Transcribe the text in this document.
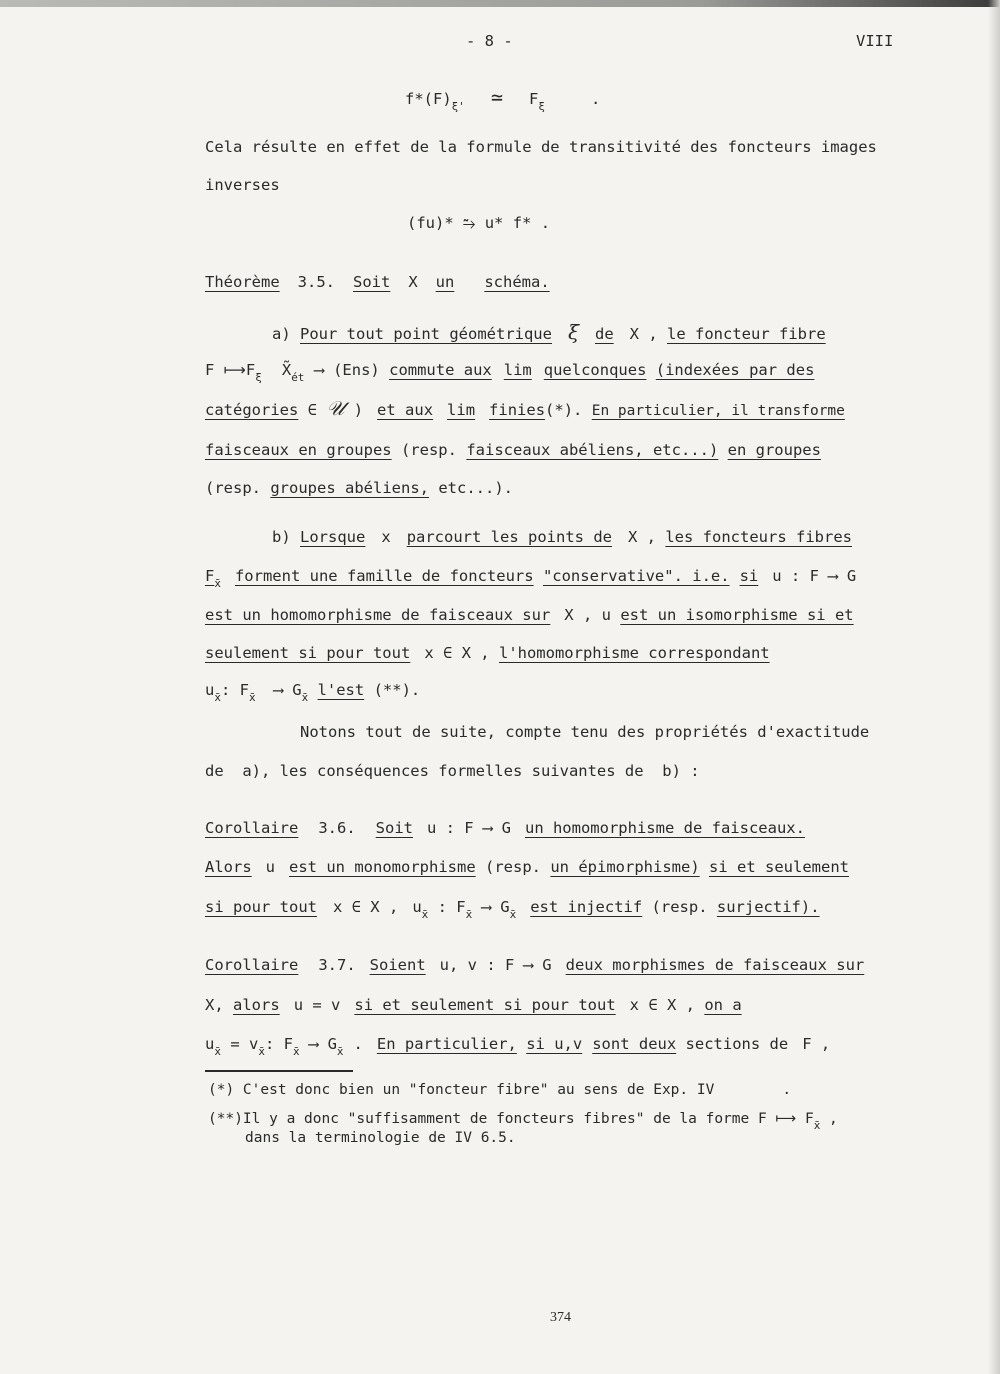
- 8 -	VIII
$f*(F)_{\xi'}$ ≃ $F_\xi$	.
Cela résulte en effet de la formule de transitivité des foncteurs images
inverses
(fu)* ⥲ u* f* .
Théorème 3.5. Soit X un schéma.
a) Pour tout point géométrique ξ de X , le foncteur fibre
F $⟼F_\xi$ $X̃_{ét}$ ⟶ (Ens) commute aux lim quelconques (indexées par des
catégories ∈ 𝒰 ) et aux lim finies(*). En particulier, il transforme
faisceaux en groupes (resp. faisceaux abéliens, etc...) en groupes
(resp. groupes abéliens, etc...).
b) Lorsque x parcourt les points de X , les foncteurs fibres
$F_{x̄}$ forment une famille de foncteurs "conservative". i.e. si u : F ⟶ G
est un homomorphisme de faisceaux sur X , u est un isomorphisme si et
seulement si pour tout x ∈ X , l'homomorphisme correspondant
$u_{x̄}$: $F_{x̄}$ ⟶ $G_{x̄}$ l'est (**).
Notons tout de suite, compte tenu des propriétés d'exactitude
de  a), les conséquences formelles suivantes de  b) :
Corollaire 3.6. Soit u : F ⟶ G un homomorphisme de faisceaux.
Alors u est un monomorphisme (resp. un épimorphisme) si et seulement
si pour tout x ∈ X , $u_{x̄}$ : $F_{x̄}$ ⟶ $G_{x̄}$ est injectif (resp. surjectif).
Corollaire 3.7. Soient u, v : F ⟶ G deux morphismes de faisceaux sur
X, alors u = v si et seulement si pour tout x ∈ X , on a
$u_{x̄} = v_{x̄}$: $F_{x̄}$ ⟶ $G_{x̄}$ . En particulier, si u,v sont deux sections de F ,
(*) C'est donc bien un "foncteur fibre" au sens de Exp. IV	.
(**)Il y a donc "suffisamment de foncteurs fibres" de la forme F ⟼ $F_{x̄}$ ,
dans la terminologie de IV 6.5.
374
